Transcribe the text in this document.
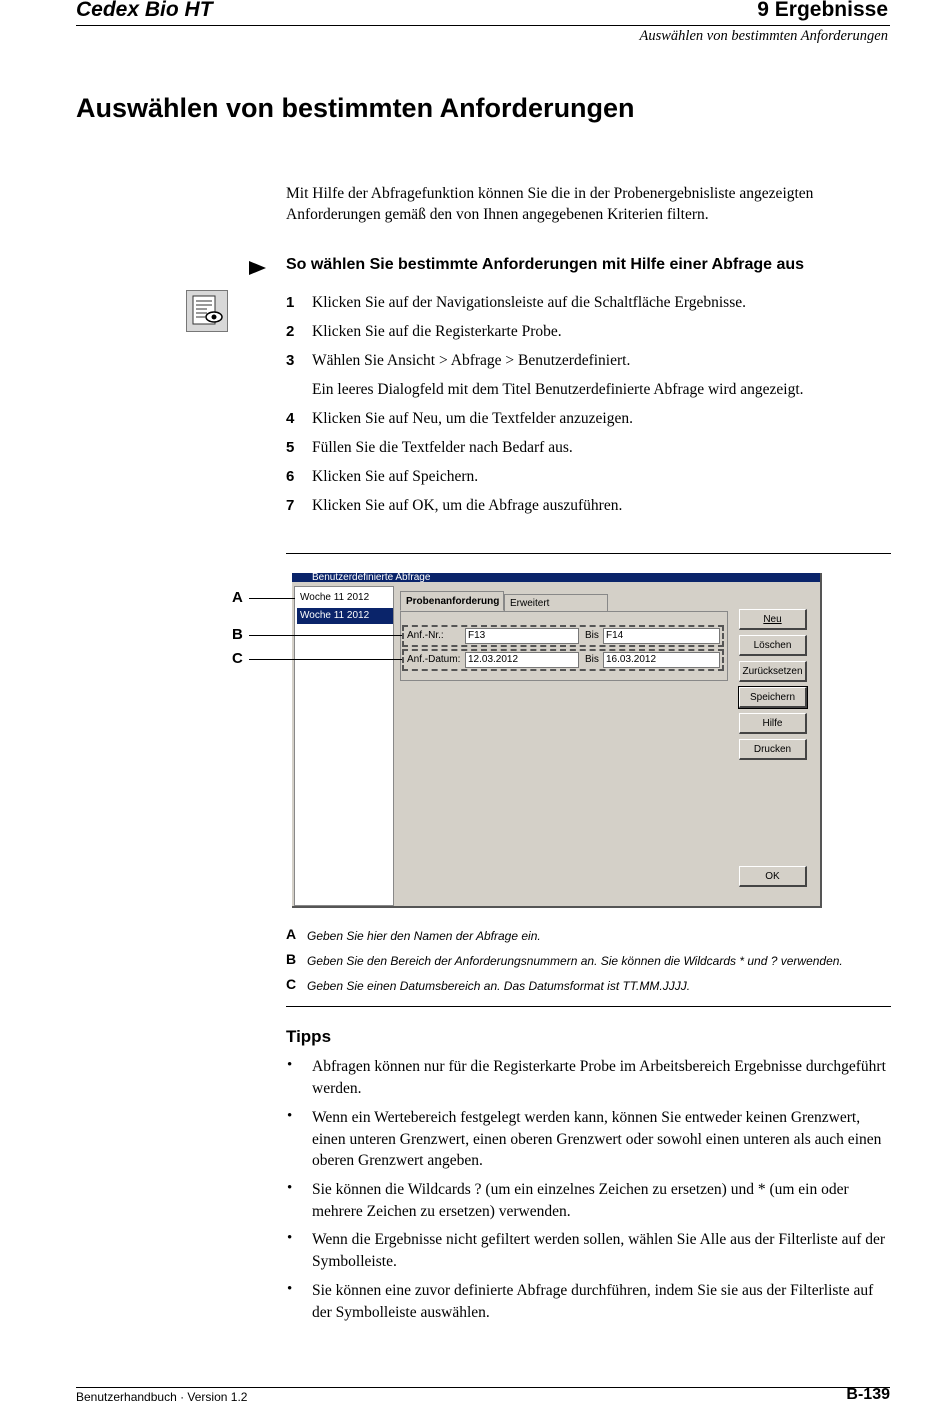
Cedex Bio HT	9 Ergebnisse
Auswählen von bestimmten Anforderungen
Auswählen von bestimmten Anforderungen

Mit Hilfe der Abfragefunktion können Sie die in der Probenergebnisliste angezeigten Anforderungen gemäß den von Ihnen angegebenen Kriterien filtern.

So wählen Sie bestimmte Anforderungen mit Hilfe einer Abfrage aus
1 Klicken Sie auf der Navigationsleiste auf die Schaltfläche Ergebnisse.
2 Klicken Sie auf die Registerkarte Probe.
3 Wählen Sie Ansicht > Abfrage > Benutzerdefiniert.
Ein leeres Dialogfeld mit dem Titel Benutzerdefinierte Abfrage wird angezeigt.
4 Klicken Sie auf Neu, um die Textfelder anzuzeigen.
5 Füllen Sie die Textfelder nach Bedarf aus.
6 Klicken Sie auf Speichern.
7 Klicken Sie auf OK, um die Abfrage auszuführen.
Benutzerdefinierte Abfrage
Woche 11 2012
Woche 11 2012
Probenanforderung	Erweitert
Anf.-Nr.:	F13	Bis F14
Anf.-Datum: 12.03.2012	Bis 16.03.2012
Neu
Löschen
Zurücksetzen
Speichern
Hilfe
Drucken
OK
A
B
C
A Geben Sie hier den Namen der Abfrage ein.
B Geben Sie den Bereich der Anforderungsnummern an. Sie können die Wildcards * und ? verwenden.
C Geben Sie einen Datumsbereich an. Das Datumsformat ist TT.MM.JJJJ.
Tipps
• Abfragen können nur für die Registerkarte Probe im Arbeitsbereich Ergebnisse durchgeführt werden.
• Wenn ein Wertebereich festgelegt werden kann, können Sie entweder keinen Grenzwert, einen unteren Grenzwert, einen oberen Grenzwert oder sowohl einen unteren als auch einen oberen Grenzwert angeben.
• Sie können die Wildcards ? (um ein einzelnes Zeichen zu ersetzen) und * (um ein oder mehrere Zeichen zu ersetzen) verwenden.
• Wenn die Ergebnisse nicht gefiltert werden sollen, wählen Sie Alle aus der Filterliste auf der Symbolleiste.
• Sie können eine zuvor definierte Abfrage durchführen, indem Sie sie aus der Filterliste auf der Symbolleiste auswählen.
Benutzerhandbuch · Version 1.2	B-139
